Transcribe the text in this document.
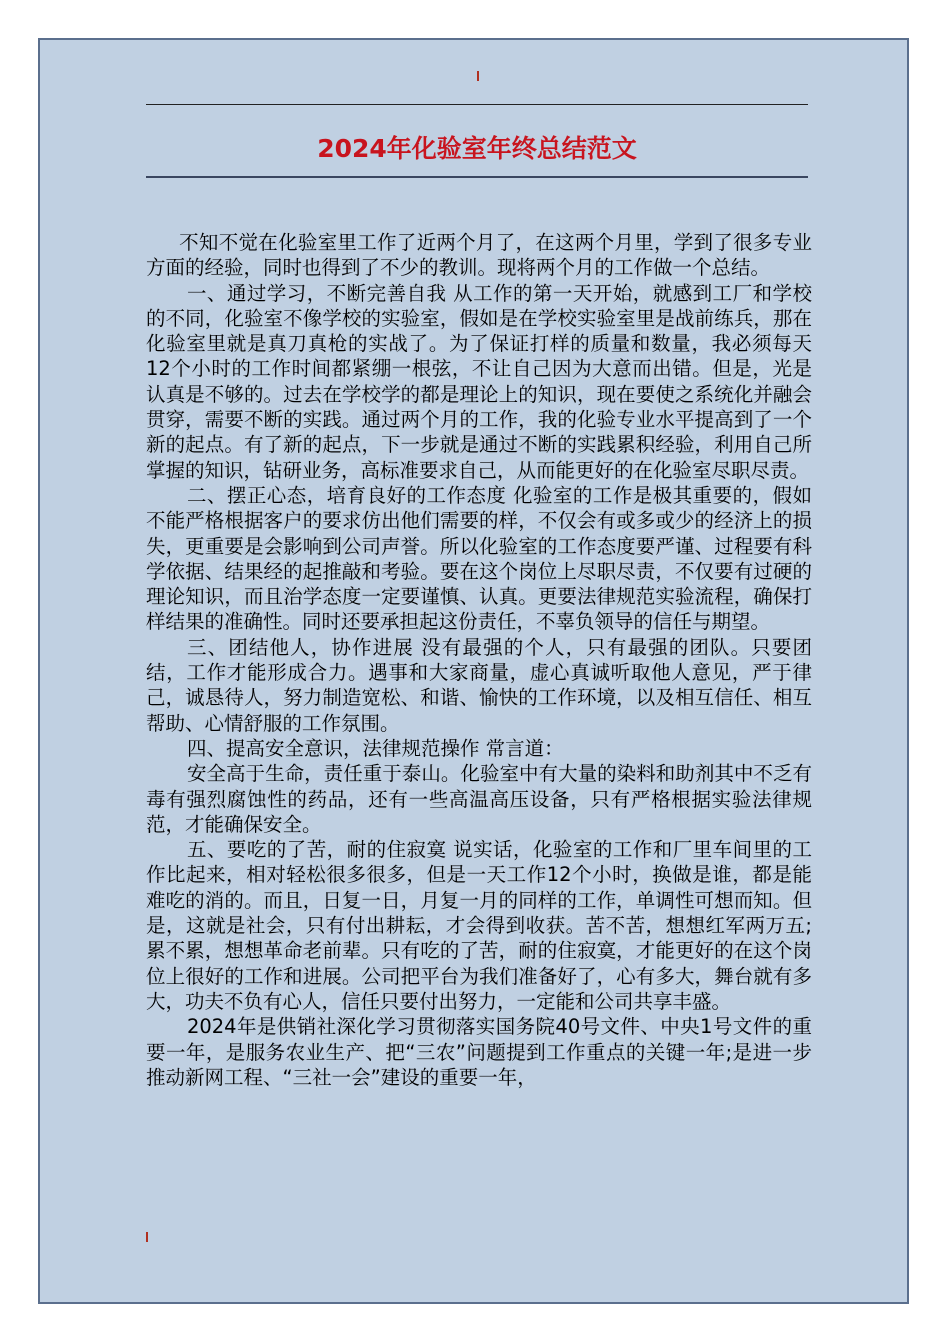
2024年化验室年终总结范文

不知不觉在化验室里工作了近两个月了，在这两个月里，学到了很多专业方面的经验，同时也得到了不少的教训。现将两个月的工作做一个总结。

一、通过学习，不断完善自我 从工作的第一天开始，就感到工厂和学校的不同，化验室不像学校的实验室，假如是在学校实验室里是战前练兵，那在化验室里就是真刀真枪的实战了。为了保证打样的质量和数量，我必须每天12个小时的工作时间都紧绷一根弦，不让自己因为大意而出错。但是，光是认真是不够的。过去在学校学的都是理论上的知识，现在要使之系统化并融会贯穿，需要不断的实践。通过两个月的工作，我的化验专业水平提高到了一个新的起点。有了新的起点，下一步就是通过不断的实践累积经验，利用自己所掌握的知识，钻研业务，高标准要求自己，从而能更好的在化验室尽职尽责。

二、摆正心态，培育良好的工作态度 化验室的工作是极其重要的，假如不能严格根据客户的要求仿出他们需要的样，不仅会有或多或少的经济上的损失，更重要是会影响到公司声誉。所以化验室的工作态度要严谨、过程要有科学依据、结果经的起推敲和考验。要在这个岗位上尽职尽责，不仅要有过硬的理论知识，而且治学态度一定要谨慎、认真。更要法律规范实验流程，确保打样结果的准确性。同时还要承担起这份责任，不辜负领导的信任与期望。

三、团结他人，协作进展 没有最强的个人，只有最强的团队。只要团结，工作才能形成合力。遇事和大家商量，虚心真诚听取他人意见，严于律己，诚恳待人，努力制造宽松、和谐、愉快的工作环境，以及相互信任、相互帮助、心情舒服的工作氛围。

四、提高安全意识，法律规范操作 常言道：

安全高于生命，责任重于泰山。化验室中有大量的染料和助剂其中不乏有毒有强烈腐蚀性的药品，还有一些高温高压设备，只有严格根据实验法律规范，才能确保安全。

五、要吃的了苦，耐的住寂寞 说实话，化验室的工作和厂里车间里的工作比起来，相对轻松很多很多，但是一天工作12个小时，换做是谁，都是能难吃的消的。而且，日复一日，月复一月的同样的工作，单调性可想而知。但是，这就是社会，只有付出耕耘，才会得到收获。苦不苦，想想红军两万五;累不累，想想革命老前辈。只有吃的了苦，耐的住寂寞，才能更好的在这个岗位上很好的工作和进展。公司把平台为我们准备好了，心有多大，舞台就有多大，功夫不负有心人，信任只要付出努力，一定能和公司共享丰盛。

2024年是供销社深化学习贯彻落实国务院40号文件、中央1号文件的重要一年，是服务农业生产、把“三农”问题提到工作重点的关键一年;是进一步推动新网工程、“三社一会”建设的重要一年，
